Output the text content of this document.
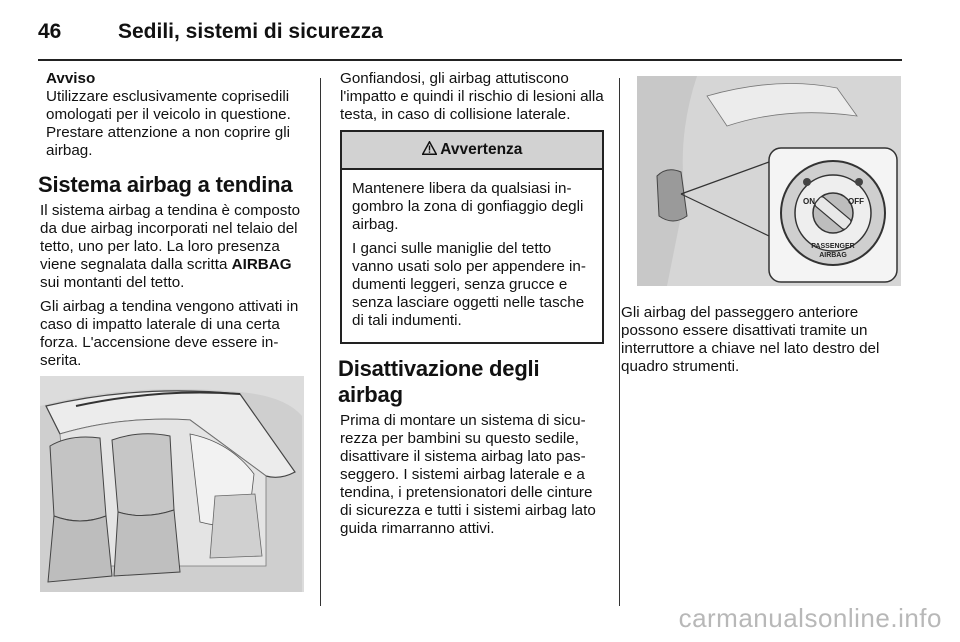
46	Sedili, sistemi di sicurezza

Avviso

Utilizzare esclusivamente coprisedili omologati per il veicolo in questione. Prestare attenzione a non coprire gli airbag.

Sistema airbag a tendina

Il sistema airbag a tendina è composto da due airbag incorporati nel telaio del tetto, uno per lato. La loro presenza viene segnalata dalla scritta AIRBAG sui montanti del tetto.

Gli airbag a tendina vengono attivati in caso di impatto laterale di una certa forza. L'accensione deve essere inserita.

Gonfiandosi, gli airbag attutiscono l'impatto e quindi il rischio di lesioni alla testa, in caso di collisione laterale.

Avvertenza

Mantenere libera da qualsiasi ingombro la zona di gonfiaggio degli airbag.

I ganci sulle maniglie del tetto vanno usati solo per appendere indumenti leggeri, senza grucce e senza lasciare oggetti nelle tasche di tali indumenti.

Disattivazione degli airbag

Prima di montare un sistema di sicurezza per bambini su questo sedile, disattivare il sistema airbag lato passeggero. I sistemi airbag laterale e a tendina, i pretensionatori delle cinture di sicurezza e tutti i sistemi airbag lato guida rimarranno attivi.

ON	OFF
PASSENGER
AIRBAG

Gli airbag del passeggero anteriore possono essere disattivati tramite un interruttore a chiave nel lato destro del quadro strumenti.

carmanualsonline.info
